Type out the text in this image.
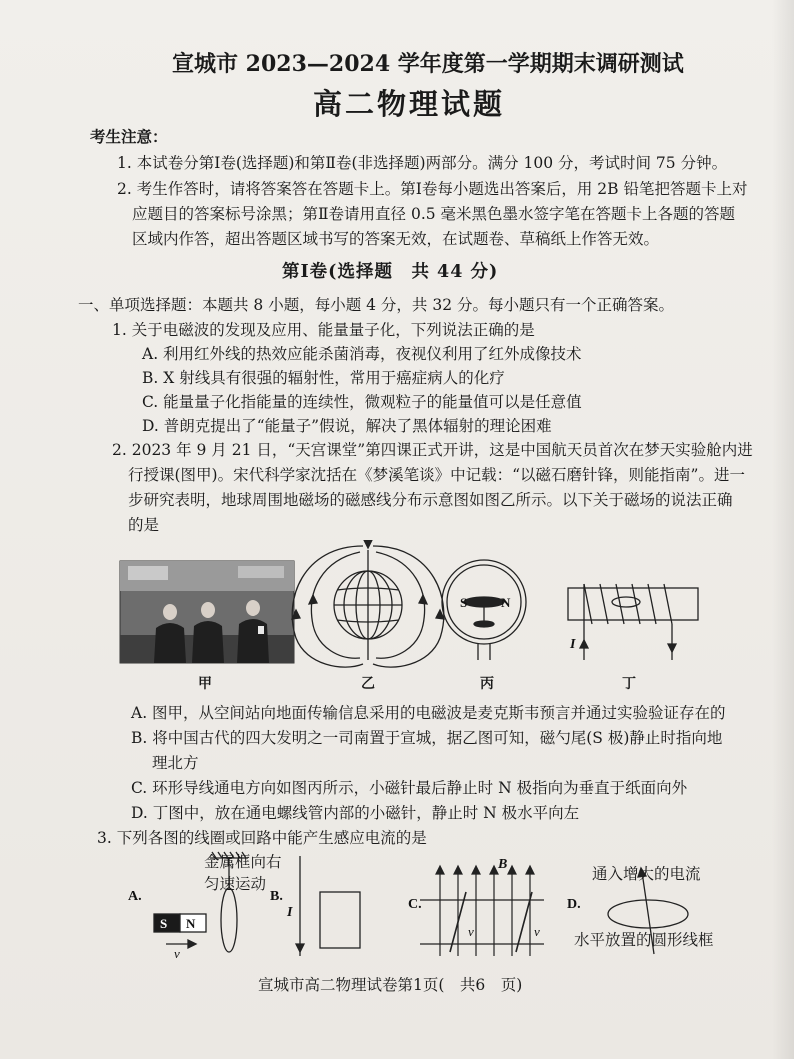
宣城市 2023—2024 学年度第一学期期末调研测试
高二物理试题
考生注意：
1. 本试卷分第Ⅰ卷(选择题)和第Ⅱ卷(非选择题)两部分。满分 100 分，考试时间 75 分钟。
2. 考生作答时，请将答案答在答题卡上。第Ⅰ卷每小题选出答案后，用 2B 铅笔把答题卡上对
应题目的答案标号涂黑；第Ⅱ卷请用直径 0.5 毫米黑色墨水签字笔在答题卡上各题的答题
区域内作答，超出答题区域书写的答案无效，在试题卷、草稿纸上作答无效。
第Ⅰ卷(选择题　共 44 分)
一、单项选择题：本题共 8 小题，每小题 4 分，共 32 分。每小题只有一个正确答案。
1. 关于电磁波的发现及应用、能量量子化，下列说法正确的是
A. 利用红外线的热效应能杀菌消毒，夜视仪利用了红外成像技术
B. X 射线具有很强的辐射性，常用于癌症病人的化疗
C. 能量量子化指能量的连续性，微观粒子的能量值可以是任意值
D. 普朗克提出了“能量子”假说，解决了黑体辐射的理论困难
2. 2023 年 9 月 21 日，“天宫课堂”第四课正式开讲，这是中国航天员首次在梦天实验舱内进
行授课(图甲)。宋代科学家沈括在《梦溪笔谈》中记载：“以磁石磨针锋，则能指南”。进一
步研究表明，地球周围地磁场的磁感线分布示意图如图乙所示。以下关于磁场的说法正确
的是
S	N
I
甲	乙	丙	丁
A. 图甲，从空间站向地面传输信息采用的电磁波是麦克斯韦预言并通过实验验证存在的
B. 将中国古代的四大发明之一司南置于宣城，据乙图可知，磁勺尾(S 极)静止时指向地
理北方
C. 环形导线通电方向如图丙所示，小磁针最后静止时 N 极指向为垂直于纸面向外
D. 丁图中，放在通电螺线管内部的小磁针，静止时 N 极水平向左
3. 下列各图的线圈或回路中能产生感应电流的是
A.
S N
v
B.
I
C.
B
v	v
D.
金属框向右
匀速运动
通入增大的电流
水平放置的圆形线框
宣城市高二物理试卷第1页(　共6　页)
